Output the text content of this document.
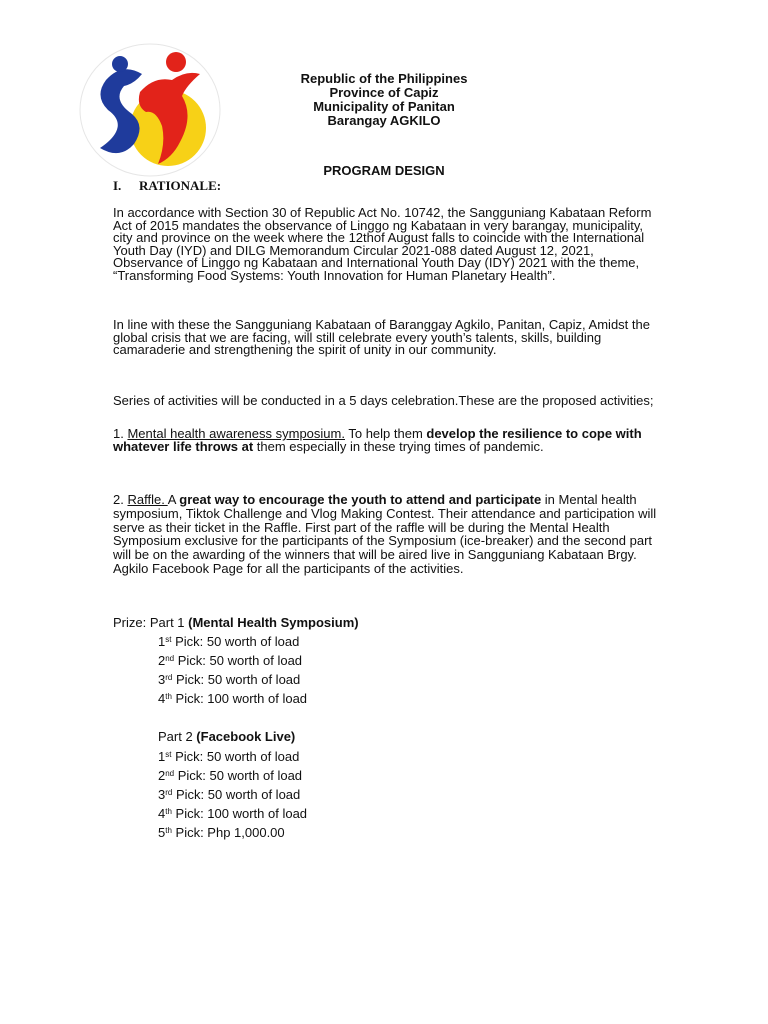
Republic of the Philippines
Province of Capiz
Municipality of Panitan
Barangay AGKILO
PROGRAM DESIGN
I. RATIONALE:

In accordance with Section 30 of Republic Act No. 10742, the Sangguniang Kabataan Reform Act of 2015 mandates the observance of Linggo ng Kabataan in very barangay, municipality, city and province on the week where the 12thof August falls to coincide with the International Youth Day (IYD) and DILG Memorandum Circular 2021-088 dated August 12, 2021, Observance of Linggo ng Kabataan and International Youth Day (IDY) 2021 with the theme, “Transforming Food Systems: Youth Innovation for Human Planetary Health”.

In line with these the Sangguniang Kabataan of Baranggay Agkilo, Panitan, Capiz, Amidst the global crisis that we are facing, will still celebrate every youth’s talents, skills, building camaraderie and strengthening the spirit of unity in our community.

Series of activities will be conducted in a 5 days celebration.These are the proposed activities;

1. Mental health awareness symposium. To help them develop the resilience to cope with whatever life throws at them especially in these trying times of pandemic.

2. Raffle. A great way to encourage the youth to attend and participate in Mental health symposium, Tiktok Challenge and Vlog Making Contest. Their attendance and participation will serve as their ticket in the Raffle. First part of the raffle will be during the Mental Health Symposium exclusive for the participants of the Symposium (ice-breaker) and the second part will be on the awarding of the winners that will be aired live in Sangguniang Kabataan Brgy. Agkilo Facebook Page for all the participants of the activities.

Prize: Part 1 (Mental Health Symposium)
1st Pick: 50 worth of load
2nd Pick: 50 worth of load
3rd Pick: 50 worth of load
4th Pick: 100 worth of load
Part 2 (Facebook Live)
1st Pick: 50 worth of load
2nd Pick: 50 worth of load
3rd Pick: 50 worth of load
4th Pick: 100 worth of load
5th Pick: Php 1,000.00
